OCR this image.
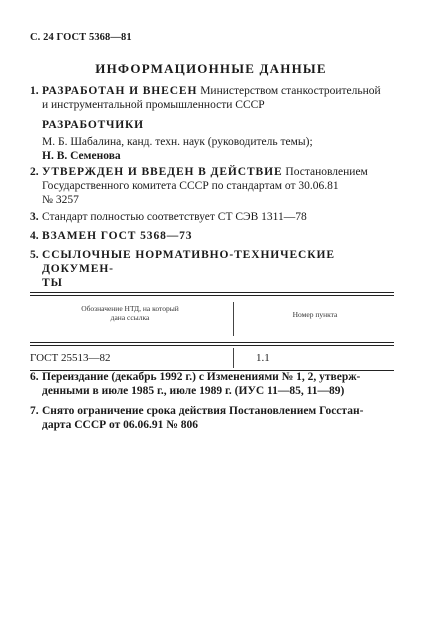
С. 24 ГОСТ 5368—81
ИНФОРМАЦИОННЫЕ ДАННЫЕ
1. РАЗРАБОТАН И ВНЕСЕН Министерством станкостроительной
и инструментальной промышленности СССР
РАЗРАБОТЧИКИ
М. Б. Шабалина, канд. техн. наук (руководитель темы);
Н. В. Семенова
2. УТВЕРЖДЕН И ВВЕДЕН В ДЕЙСТВИЕ Постановлением
Государственного комитета СССР по стандартам от 30.06.81
№ 3257
3. Стандарт полностью соответствует СТ СЭВ 1311—78
4. ВЗАМЕН ГОСТ 5368—73
5. ССЫЛОЧНЫЕ НОРМАТИВНО-ТЕХНИЧЕСКИЕ ДОКУМЕН-
ТЫ
Обозначение НТД, на который
дана ссылка	Номер пункта
ГОСТ 25513—82	1.1
6. Переиздание (декабрь 1992 г.) с Изменениями № 1, 2, утверж-
денными в июле 1985 г., июле 1989 г. (ИУС 11—85, 11—89)
7. Снято ограничение срока действия Постановлением Госстан-
дарта СССР от 06.06.91 № 806
